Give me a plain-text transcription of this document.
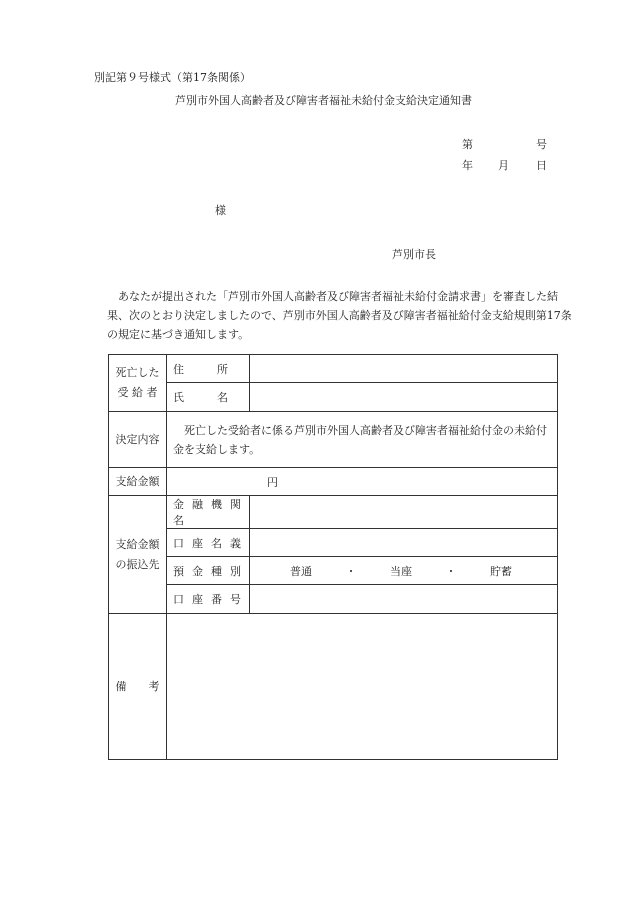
別記第９号様式（第17条関係）
芦別市外国人高齢者及び障害者福祉未給付金支給決定通知書
第	号
年 月 日
様
芦別市長
あなたが提出された「芦別市外国人高齢者及び障害者福祉未給付金請求書」を審査した結果、次のとおり決定しましたので、芦別市外国人高齢者及び障害者福祉給付金支給規則第17条の規定に基づき通知します。
死亡した
受 給 者	住　　　所	
	氏　　　名	
決定内容	死亡した受給者に係る芦別市外国人高齢者及び障害者福祉給付金の未給付金を支給します。	
支給金額	円	

支給金額
の振込先	金融機関名	
	口座名義	
	預金種別	普通 ・ 当座 ・ 貯蓄
	口座番号	
備　　考		
